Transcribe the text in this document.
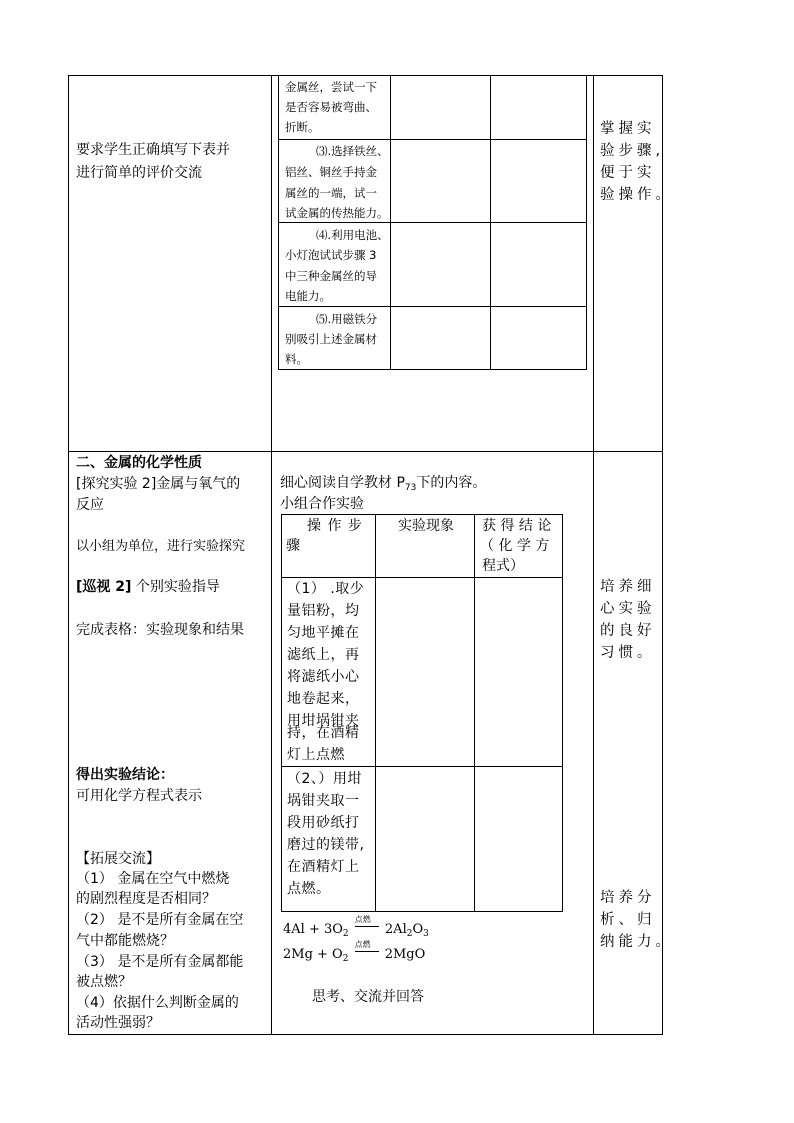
要求学生正确填写下表并
进行简单的评价交流
金属丝，尝试一下
是否容易被弯曲、
折断。
⑶.选择铁丝、
铝丝、铜丝手持金
属丝的一端，试一
试金属的传热能力。
⑷.利用电池、
小灯泡试试步骤 3
中三种金属丝的导
电能力。
⑸.用磁铁分
别吸引上述金属材
料。
掌握实
验步骤,
便于实
验操作。
二、金属的化学性质
[探究实验 2]金属与氧气的
反应
以小组为单位，进行实验探究
[巡视 2] 个别实验指导
完成表格：实验现象和结果
得出实验结论：
可用化学方程式表示
【拓展交流】
（1） 金属在空气中燃烧
的剧烈程度是否相同？
（2） 是不是所有金属在空
气中都能燃烧？
（3） 是不是所有金属都能
被点燃？
（4）依据什么判断金属的
活动性强弱？
细心阅读自学教材 $P_{73}$下的内容。
小组合作实验
操 作 步
骤
实验现象 获 得 结 论
（ 化 学 方
程式）
（1） .取少
量铝粉，均
匀地平摊在
滤纸上，再
将滤纸小心
地卷起来，
用坩埚钳夹
持，在酒精
灯上点燃
（2、）用坩
埚钳夹取一
段用砂纸打
磨过的镁带,
在酒精灯上
点燃。
$4Al + 3O_2$
点燃
$2Al_2O_3$
$2Mg + O_2$
点燃
2MgO
思考、交流并回答
培养细
心实验
的良好
习惯。
培养分
析、归
纳能力。
